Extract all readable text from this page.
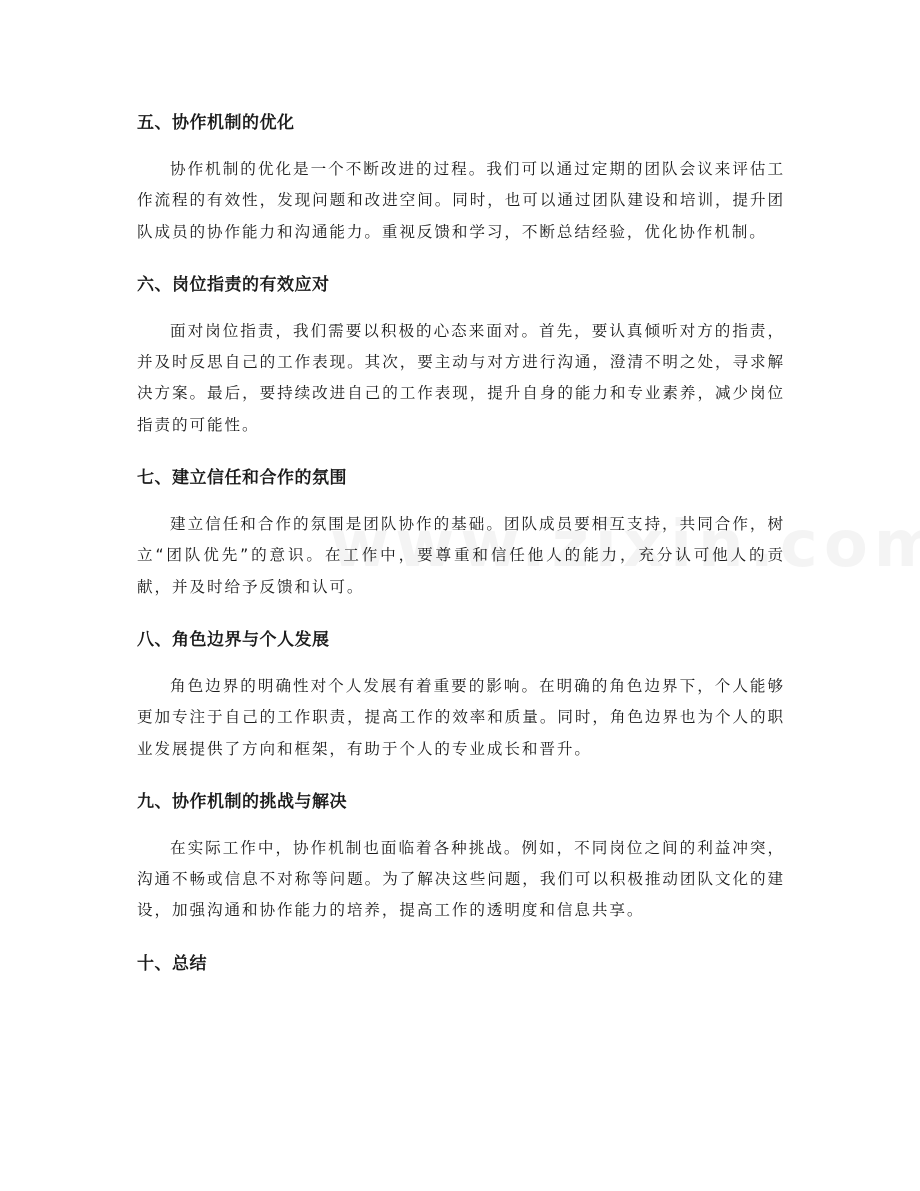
五、协作机制的优化

协作机制的优化是一个不断改进的过程。我们可以通过定期的团队会议来评估工作流程的有效性，发现问题和改进空间。同时，也可以通过团队建设和培训，提升团队成员的协作能力和沟通能力。重视反馈和学习，不断总结经验，优化协作机制。

六、岗位指责的有效应对

面对岗位指责，我们需要以积极的心态来面对。首先，要认真倾听对方的指责，并及时反思自己的工作表现。其次，要主动与对方进行沟通，澄清不明之处，寻求解决方案。最后，要持续改进自己的工作表现，提升自身的能力和专业素养，减少岗位指责的可能性。

七、建立信任和合作的氛围

建立信任和合作的氛围是团队协作的基础。团队成员要相互支持，共同合作，树立“团队优先”的意识。在工作中，要尊重和信任他人的能力，充分认可他人的贡献，并及时给予反馈和认可。

八、角色边界与个人发展

角色边界的明确性对个人发展有着重要的影响。在明确的角色边界下，个人能够更加专注于自己的工作职责，提高工作的效率和质量。同时，角色边界也为个人的职业发展提供了方向和框架，有助于个人的专业成长和晋升。

九、协作机制的挑战与解决

在实际工作中，协作机制也面临着各种挑战。例如，不同岗位之间的利益冲突，沟通不畅或信息不对称等问题。为了解决这些问题，我们可以积极推动团队文化的建设，加强沟通和协作能力的培养，提高工作的透明度和信息共享。

十、总结
